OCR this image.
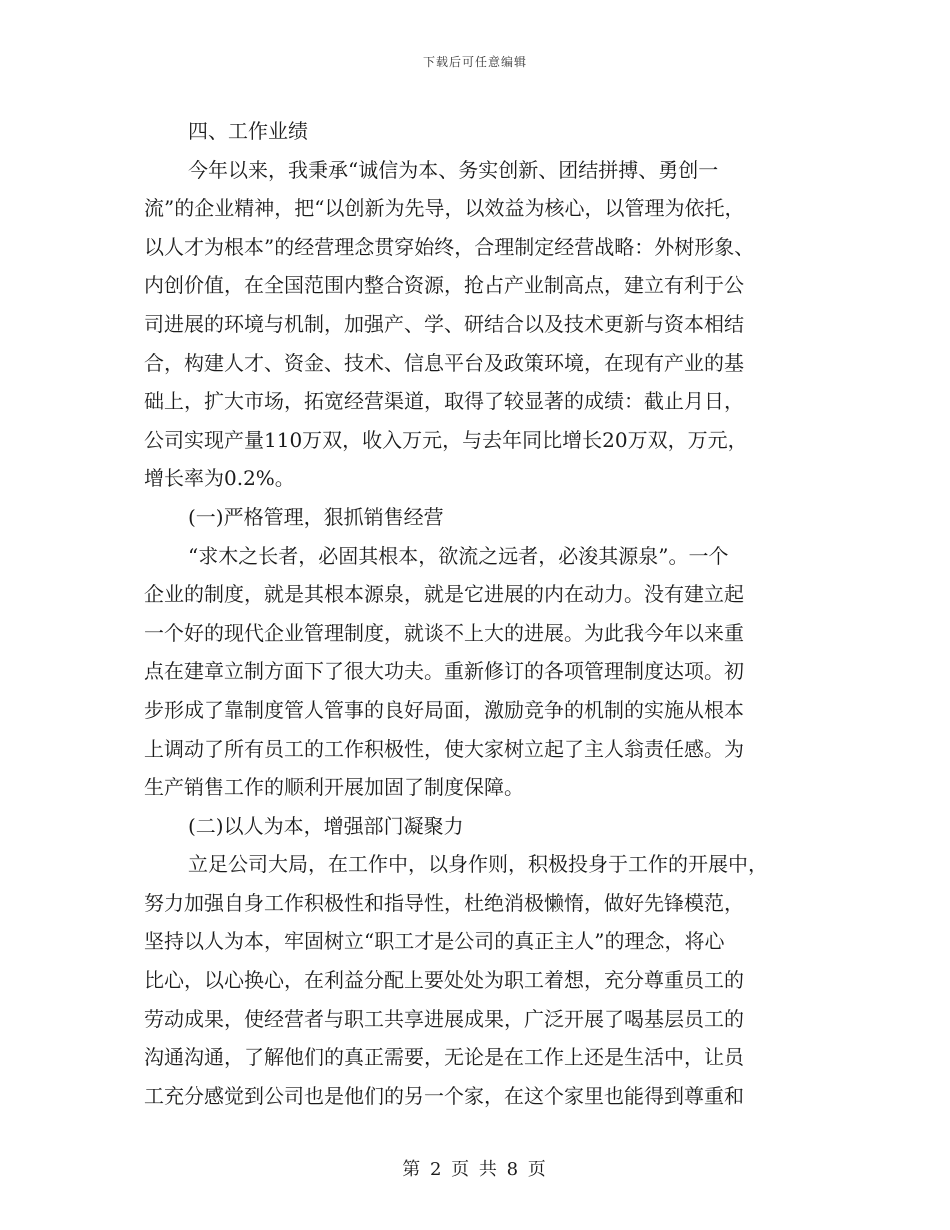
下载后可任意编辑

四、工作业绩

今年以来，我秉承“诚信为本、务实创新、团结拼搏、勇创一

流”的企业精神，把“以创新为先导，以效益为核心，以管理为依托，
以人才为根本”的经营理念贯穿始终，合理制定经营战略：外树形象、
内创价值，在全国范围内整合资源，抢占产业制高点，建立有利于公
司进展的环境与机制，加强产、学、研结合以及技术更新与资本相结
合，构建人才、资金、技术、信息平台及政策环境，在现有产业的基
础上，扩大市场，拓宽经营渠道，取得了较显著的成绩：截止月日，
公司实现产量110万双，收入万元，与去年同比增长20万双，万元，
增长率为0.2%。

(一)严格管理，狠抓销售经营

“求木之长者，必固其根本，欲流之远者，必浚其源泉”。一个

企业的制度，就是其根本源泉，就是它进展的内在动力。没有建立起
一个好的现代企业管理制度，就谈不上大的进展。为此我今年以来重
点在建章立制方面下了很大功夫。重新修订的各项管理制度达项。初
步形成了靠制度管人管事的良好局面，激励竞争的机制的实施从根本
上调动了所有员工的工作积极性，使大家树立起了主人翁责任感。为
生产销售工作的顺利开展加固了制度保障。

(二)以人为本，增强部门凝聚力

立足公司大局，在工作中，以身作则，积极投身于工作的开展中，

努力加强自身工作积极性和指导性，杜绝消极懒惰，做好先锋模范，
坚持以人为本，牢固树立“职工才是公司的真正主人”的理念，将心
比心，以心换心，在利益分配上要处处为职工着想，充分尊重员工的
劳动成果，使经营者与职工共享进展成果，广泛开展了喝基层员工的
沟通沟通，了解他们的真正需要，无论是在工作上还是生活中，让员
工充分感觉到公司也是他们的另一个家，在这个家里也能得到尊重和
第 2 页 共 8 页
